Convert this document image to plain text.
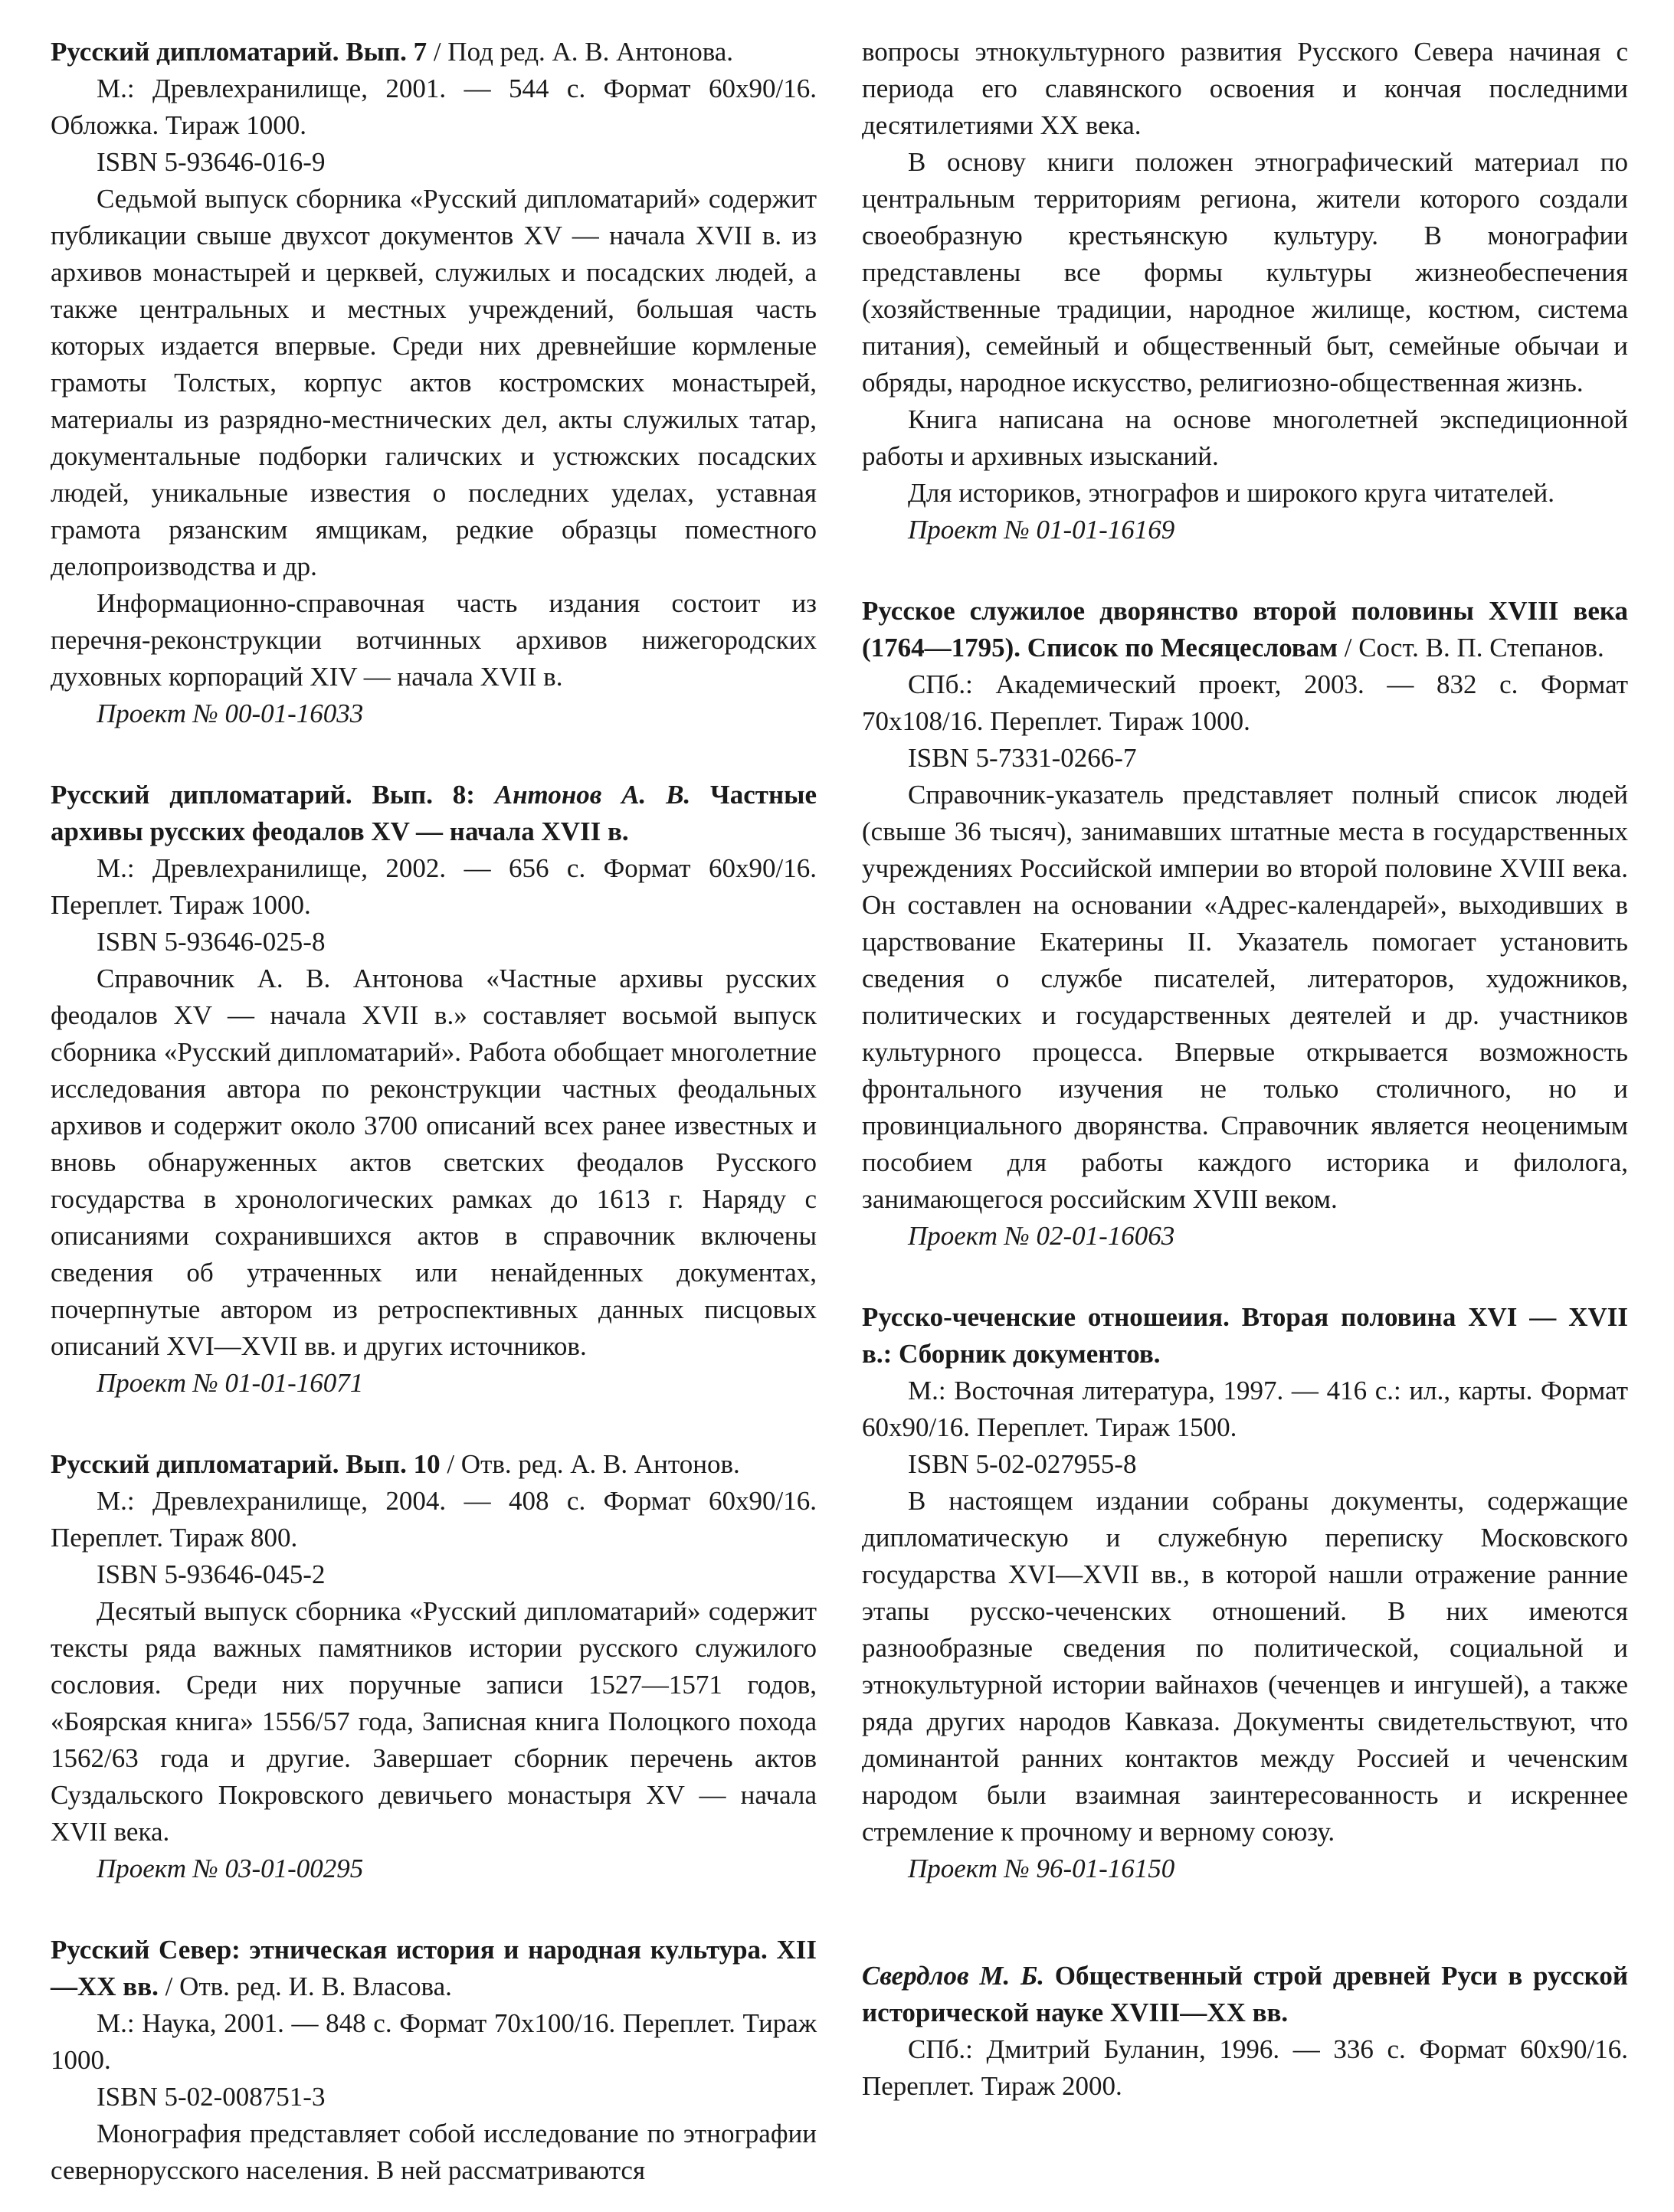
Русский дипломатарий. Вып. 7 / Под ред. А. В. Антонова.

М.: Древлехранилище, 2001. — 544 с. Формат 60х90/16. Обложка. Тираж 1000.

ISBN 5-93646-016-9

Седьмой выпуск сборника «Русский дипломатарий» содержит публикации свыше двухсот документов XV — начала XVII в. из архивов монастырей и церквей, служилых и посадских людей, а также центральных и местных учреждений, большая часть которых издается впервые. Среди них древнейшие кормленые грамоты Толстых, корпус актов костромских монастырей, материалы из разрядно-местнических дел, акты служилых татар, документальные подборки галичских и устюжских посадских людей, уникальные известия о последних уделах, уставная грамота рязанским ямщикам, редкие образцы поместного делопроизводства и др.

Информационно-справочная часть издания состоит из перечня-реконструкции вотчинных архивов нижегородских духовных корпораций XIV — начала XVII в.

Проект № 00-01-16033

Русский дипломатарий. Вып. 8: Антонов А. В. Частные архивы русских феодалов XV — начала XVII в.

М.: Древлехранилище, 2002. — 656 с. Формат 60х90/16. Переплет. Тираж 1000.

ISBN 5-93646-025-8

Справочник А. В. Антонова «Частные архивы русских феодалов XV — начала XVII в.» составляет восьмой выпуск сборника «Русский дипломатарий». Работа обобщает многолетние исследования автора по реконструкции частных феодальных архивов и содержит около 3700 описаний всех ранее известных и вновь обнаруженных актов светских феодалов Русского государства в хронологических рамках до 1613 г. Наряду с описаниями сохранившихся актов в справочник включены сведения об утраченных или ненайденных документах, почерпнутые автором из ретроспективных данных писцовых описаний XVI—XVII вв. и других источников.

Проект № 01-01-16071

Русский дипломатарий. Вып. 10 / Отв. ред. А. В. Антонов.

М.: Древлехранилище, 2004. — 408 с. Формат 60х90/16. Переплет. Тираж 800.

ISBN 5-93646-045-2

Десятый выпуск сборника «Русский дипломатарий» содержит тексты ряда важных памятников истории русского служилого сословия. Среди них поручные записи 1527—1571 годов, «Боярская книга» 1556/57 года, Записная книга Полоцкого похода 1562/63 года и другие. Завершает сборник перечень актов Суздальского Покровского девичьего монастыря XV — начала XVII века.

Проект № 03-01-00295

Русский Север: этническая история и народная культура. XII—XX вв. / Отв. ред. И. В. Власова.

М.: Наука, 2001. — 848 с. Формат 70х100/16. Переплет. Тираж 1000.

ISBN 5-02-008751-3

Монография представляет собой исследование по этнографии севернорусского населения. В ней рассматриваются

вопросы этнокультурного развития Русского Севера начиная с периода его славянского освоения и кончая последними десятилетиями XX века.

В основу книги положен этнографический материал по центральным территориям региона, жители которого создали своеобразную крестьянскую культуру. В монографии представлены все формы культуры жизнеобеспечения (хозяйственные традиции, народное жилище, костюм, система питания), семейный и общественный быт, семейные обычаи и обряды, народное искусство, религиозно-общественная жизнь.

Книга написана на основе многолетней экспедиционной работы и архивных изысканий.

Для историков, этнографов и широкого круга читателей.

Проект № 01-01-16169

Русское служилое дворянство второй половины XVIII века (1764—1795). Список по Месяцесловам / Сост. В. П. Степанов.

СПб.: Академический проект, 2003. — 832 с. Формат 70х108/16. Переплет. Тираж 1000.

ISBN 5-7331-0266-7

Справочник-указатель представляет полный список людей (свыше 36 тысяч), занимавших штатные места в государственных учреждениях Российской империи во второй половине XVIII века. Он составлен на основании «Адрес-календарей», выходивших в царствование Екатерины II. Указатель помогает установить сведения о службе писателей, литераторов, художников, политических и государственных деятелей и др. участников культурного процесса. Впервые открывается возможность фронтального изучения не только столичного, но и провинциального дворянства. Справочник является неоценимым пособием для работы каждого историка и филолога, занимающегося российским XVIII веком.

Проект № 02-01-16063

Русско-чеченские отношеиия. Вторая половина XVI — XVII в.: Сборник документов.

М.: Восточная литература, 1997. — 416 с.: ил., карты. Формат 60х90/16. Переплет. Тираж 1500.

ISBN 5-02-027955-8

В настоящем издании собраны документы, содержащие дипломатическую и служебную переписку Московского государства XVI—XVII вв., в которой нашли отражение ранние этапы русско-чеченских отношений. В них имеются разнообразные сведения по политической, социальной и этнокультурной истории вайнахов (чеченцев и ингушей), а также ряда других народов Кавказа. Документы свидетельствуют, что доминантой ранних контактов между Россией и чеченским народом были взаимная заинтересованность и искреннее стремление к прочному и верному союзу.

Проект № 96-01-16150

Свердлов М. Б. Общественный строй древней Руси в русской исторической науке XVIII—XX вв.

СПб.: Дмитрий Буланин, 1996. — 336 с. Формат 60х90/16. Переплет. Тираж 2000.
